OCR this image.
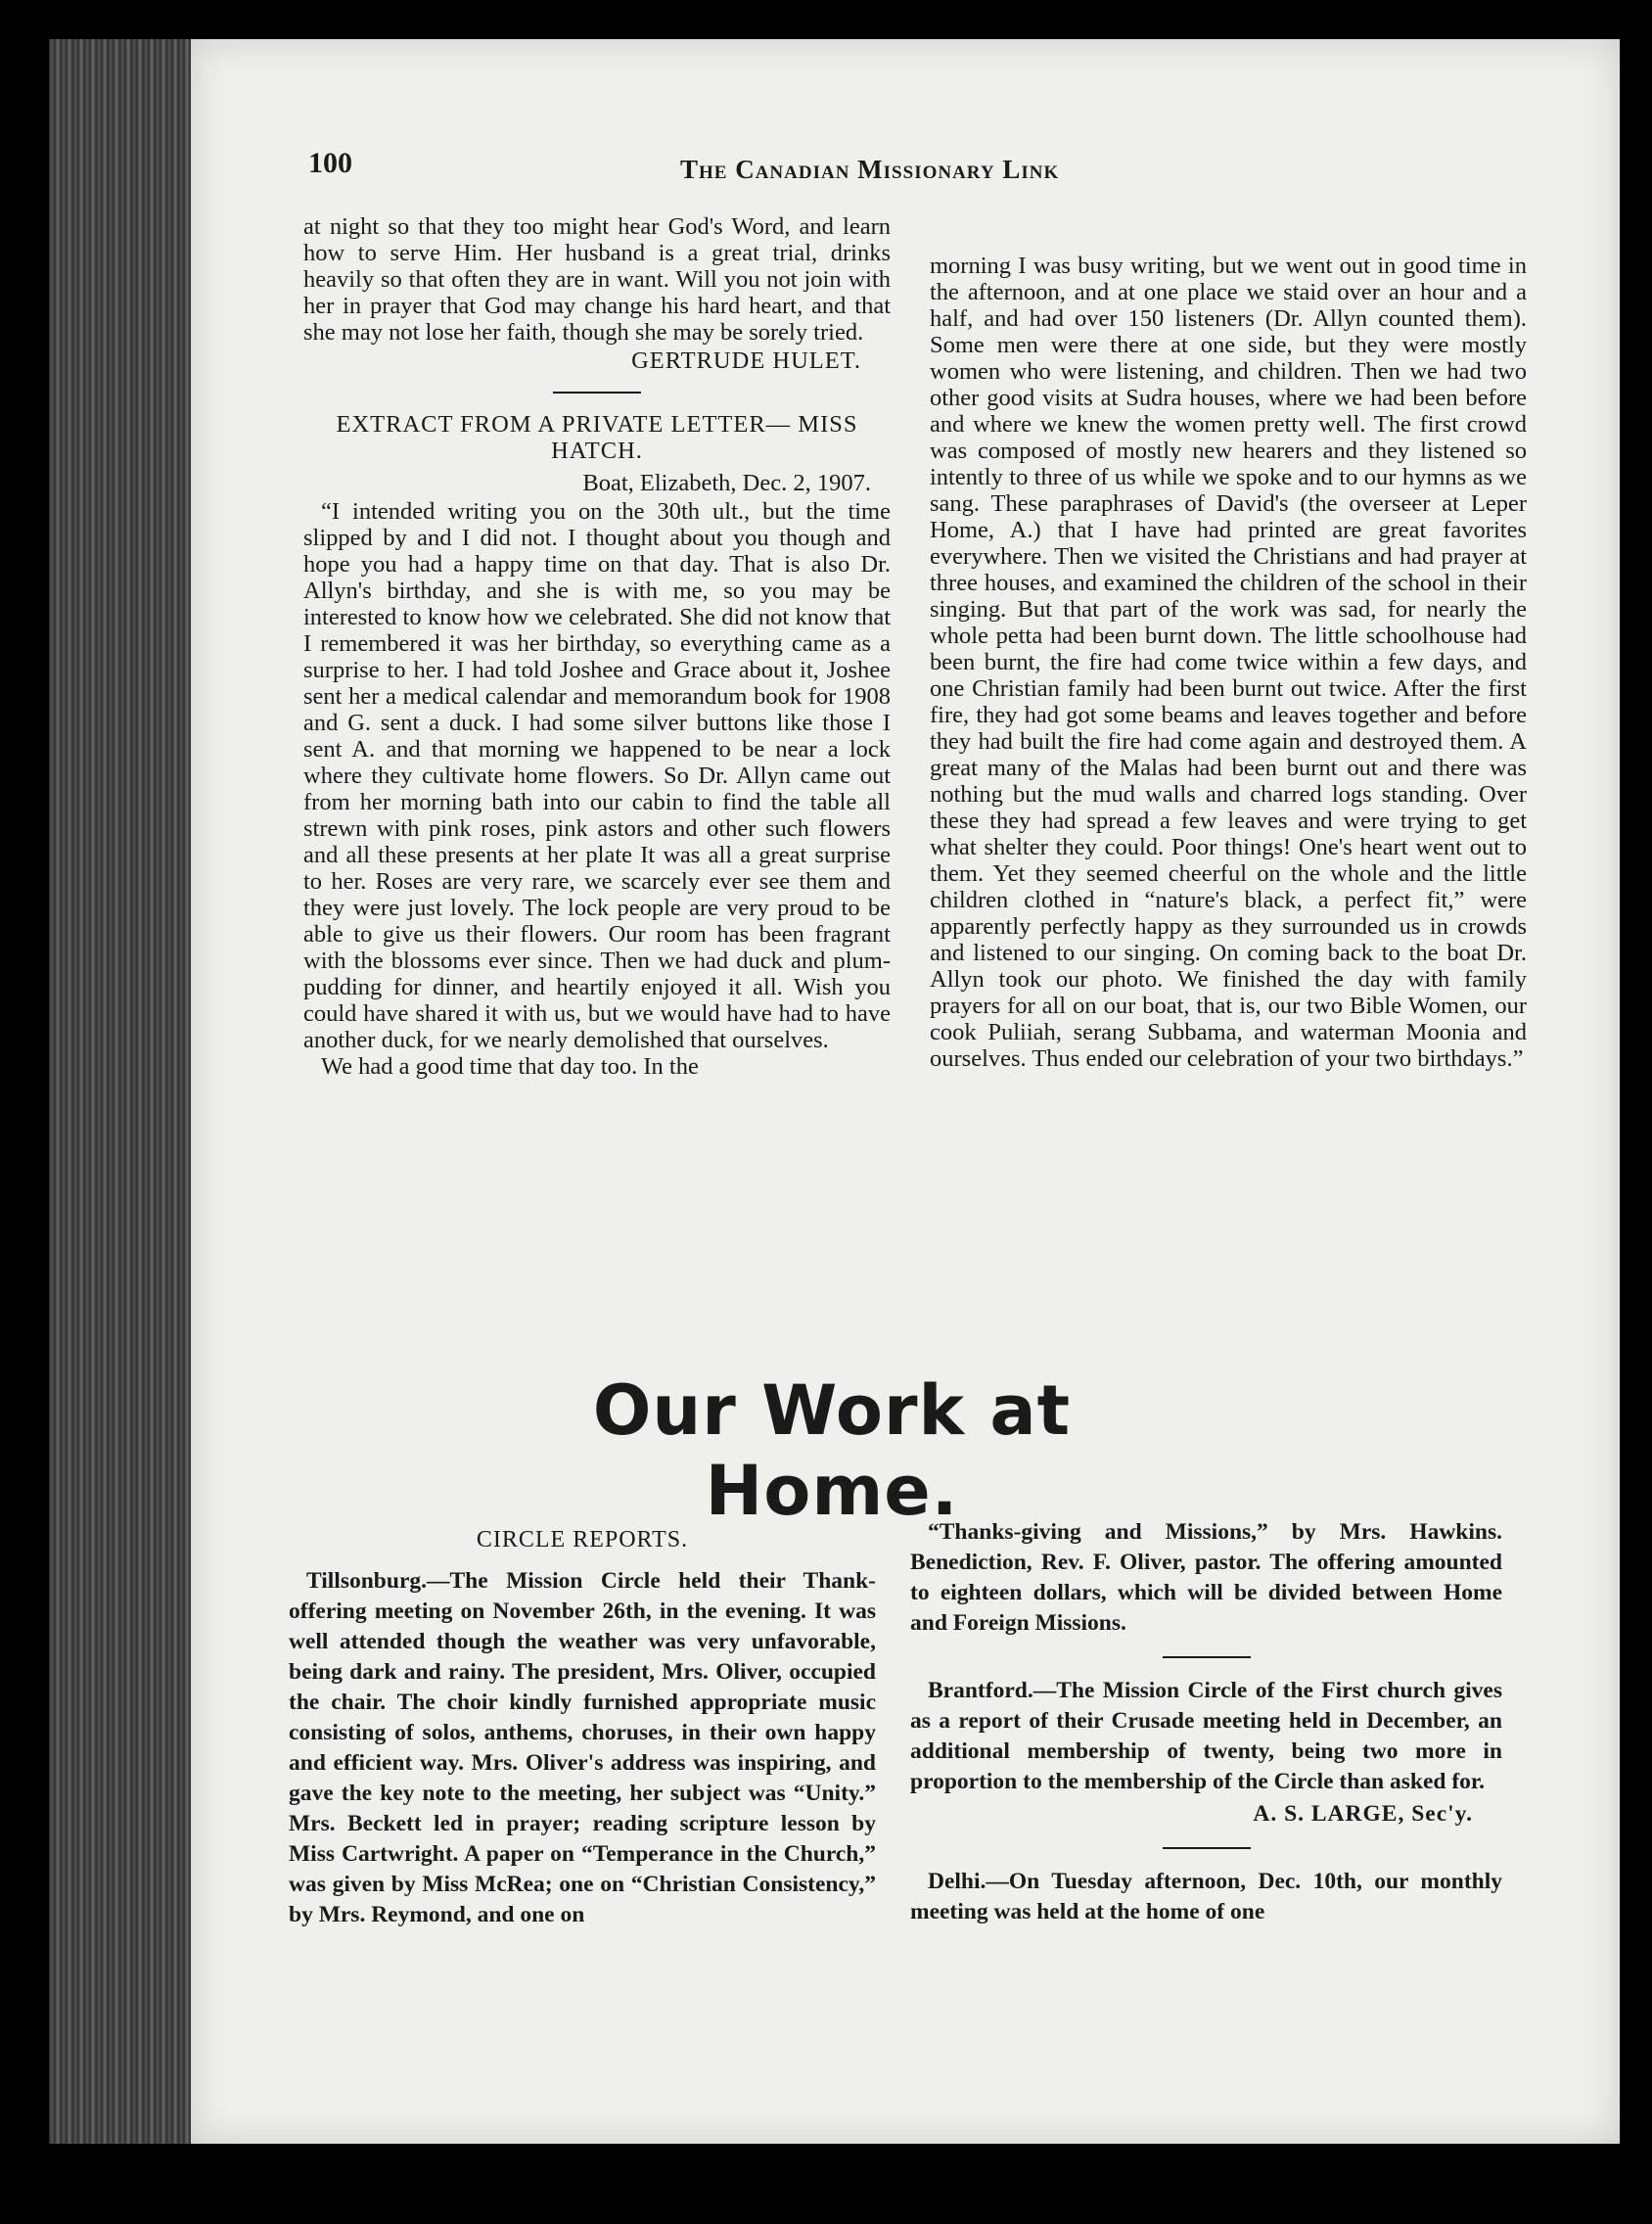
100	The Canadian Missionary Link

at night so that they too might hear God's Word, and learn how to serve Him. Her husband is a great trial, drinks heavily so that often they are in want. Will you not join with her in prayer that God may change his hard heart, and that she may not lose her faith, though she may be sorely tried.

GERTRUDE HULET.
EXTRACT FROM A PRIVATE LETTER— MISS HATCH.
Boat, Elizabeth, Dec. 2, 1907.

“I intended writing you on the 30th ult., but the time slipped by and I did not. I thought about you though and hope you had a happy time on that day. That is also Dr. Allyn's birthday, and she is with me, so you may be interested to know how we celebrated. She did not know that I remembered it was her birthday, so everything came as a surprise to her. I had told Joshee and Grace about it, Joshee sent her a medical calendar and memorandum book for 1908 and G. sent a duck. I had some silver buttons like those I sent A. and that morning we happened to be near a lock where they cultivate home flowers. So Dr. Allyn came out from her morning bath into our cabin to find the table all strewn with pink roses, pink astors and other such flowers and all these presents at her plate It was all a great surprise to her. Roses are very rare, we scarcely ever see them and they were just lovely. The lock people are very proud to be able to give us their flowers. Our room has been fragrant with the blossoms ever since. Then we had duck and plum-pudding for dinner, and heartily enjoyed it all. Wish you could have shared it with us, but we would have had to have another duck, for we nearly demolished that ourselves.

We had a good time that day too. In the

morning I was busy writing, but we went out in good time in the afternoon, and at one place we staid over an hour and a half, and had over 150 listeners (Dr. Allyn counted them). Some men were there at one side, but they were mostly women who were listening, and children. Then we had two other good visits at Sudra houses, where we had been before and where we knew the women pretty well. The first crowd was composed of mostly new hearers and they listened so intently to three of us while we spoke and to our hymns as we sang. These paraphrases of David's (the overseer at Leper Home, A.) that I have had printed are great favorites everywhere. Then we visited the Christians and had prayer at three houses, and examined the children of the school in their singing. But that part of the work was sad, for nearly the whole petta had been burnt down. The little schoolhouse had been burnt, the fire had come twice within a few days, and one Christian family had been burnt out twice. After the first fire, they had got some beams and leaves together and before they had built the fire had come again and destroyed them. A great many of the Malas had been burnt out and there was nothing but the mud walls and charred logs standing. Over these they had spread a few leaves and were trying to get what shelter they could. Poor things! One's heart went out to them. Yet they seemed cheerful on the whole and the little children clothed in “nature's black, a perfect fit,” were apparently perfectly happy as they surrounded us in crowds and listened to our singing. On coming back to the boat Dr. Allyn took our photo. We finished the day with family prayers for all on our boat, that is, our two Bible Women, our cook Puliiah, serang Subbama, and waterman Moonia and ourselves. Thus ended our celebration of your two birthdays.”

Our Work at Home.
CIRCLE REPORTS.

Tillsonburg.—The Mission Circle held their Thank-offering meeting on November 26th, in the evening. It was well attended though the weather was very unfavorable, being dark and rainy. The president, Mrs. Oliver, occupied the chair. The choir kindly furnished appropriate music consisting of solos, anthems, choruses, in their own happy and efficient way. Mrs. Oliver's address was inspiring, and gave the key note to the meeting, her subject was “Unity.” Mrs. Beckett led in prayer; reading scripture lesson by Miss Cartwright. A paper on “Temperance in the Church,” was given by Miss McRea; one on “Christian Consistency,” by Mrs. Reymond, and one on

“Thanks-giving and Missions,” by Mrs. Hawkins. Benediction, Rev. F. Oliver, pastor. The offering amounted to eighteen dollars, which will be divided between Home and Foreign Missions.

Brantford.—The Mission Circle of the First church gives as a report of their Crusade meeting held in December, an additional membership of twenty, being two more in proportion to the membership of the Circle than asked for.

A. S. LARGE, Sec'y.

Delhi.—On Tuesday afternoon, Dec. 10th, our monthly meeting was held at the home of one
